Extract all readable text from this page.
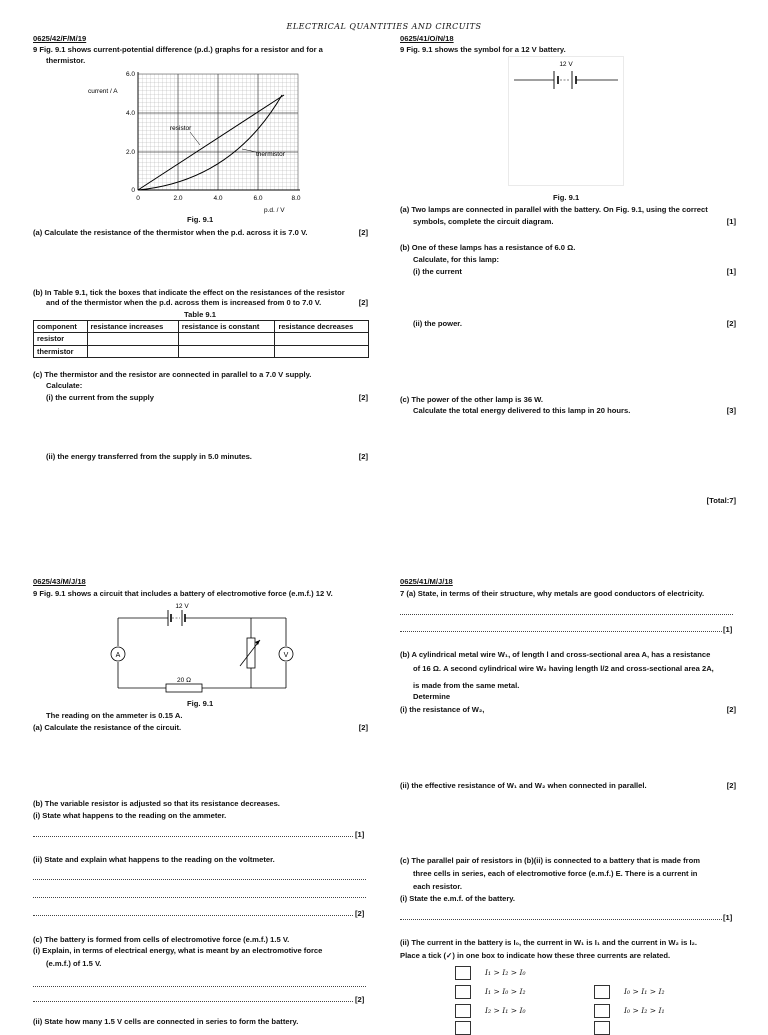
ELECTRICAL QUANTITIES AND CIRCUITS
0625/42/F/M/19
9 Fig. 9.1 shows current-potential difference (p.d.) graphs for a resistor and for a
thermistor.
resistor
thermistor
current / A
p.d. / V
0
2.0
4.0
6.0
0	2.0	4.0	6.0	8.0
Fig. 9.1
(a) Calculate the resistance of the thermistor when the p.d. across it is 7.0 V.	[2]
(b) In Table 9.1, tick the boxes that indicate the effect on the resistances of the resistor
and of the thermistor when the p.d. across them is increased from 0 to 7.0 V.	[2]
Table 9.1
component	resistance increases	resistance is constant	resistance decreases
resistor			
thermistor			
(c) The thermistor and the resistor are connected in parallel to a 7.0 V supply.
Calculate:
(i) the current from the supply	[2]
(ii) the energy transferred from the supply in 5.0 minutes.	[2]
0625/41/O/N/18
9 Fig. 9.1 shows the symbol for a 12 V battery.
12 V
Fig. 9.1
(a) Two lamps are connected in parallel with the battery. On Fig. 9.1, using the correct
symbols, complete the circuit diagram.	[1]
(b) One of these lamps has a resistance of 6.0 Ω.
Calculate, for this lamp:
(i) the current	[1]
(ii) the power.	[2]
(c) The power of the other lamp is 36 W.
Calculate the total energy delivered to this lamp in 20 hours.	[3]
[Total:7]
0625/43/M/J/18
9 Fig. 9.1 shows a circuit that includes a battery of electromotive force (e.m.f.) 12 V.
A	V
12 V
20 Ω
Fig. 9.1
The reading on the ammeter is 0.15 A.
(a) Calculate the resistance of the circuit.	[2]
(b) The variable resistor is adjusted so that its resistance decreases.
(i) State what happens to the reading on the ammeter.
[1]
(ii) State and explain what happens to the reading on the voltmeter.
[2]
(c) The battery is formed from cells of electromotive force (e.m.f.) 1.5 V.
(i) Explain, in terms of electrical energy, what is meant by an electromotive force
(e.m.f.) of 1.5 V.
[2]
(ii) State how many 1.5 V cells are connected in series to form the battery.
0625/41/M/J/18
7 (a) State, in terms of their structure, why metals are good conductors of electricity.
[1]
(b) A cylindrical metal wire W₁, of length l and cross-sectional area A, has a resistance
of 16 Ω. A second cylindrical wire W₂ having length l/2 and cross-sectional area 2A,
is made from the same metal.
Determine
(i) the resistance of W₂,	[2]
(ii) the effective resistance of W₁ and W₂ when connected in parallel.	[2]
(c) The parallel pair of resistors in (b)(ii) is connected to a battery that is made from
three cells in series, each of electromotive force (e.m.f.) E. There is a current in
each resistor.
(i) State the e.m.f. of the battery.
[1]
(ii) The current in the battery is I₀, the current in W₁ is I₁ and the current in W₂ is I₂.
Place a tick (✓) in one box to indicate how these three currents are related.
I₁ > I₂ > I₀
I₁ > I₀ > I₂
I₂ > I₁ > I₀
I₀ > I₁ > I₂
I₀ > I₂ > I₁
